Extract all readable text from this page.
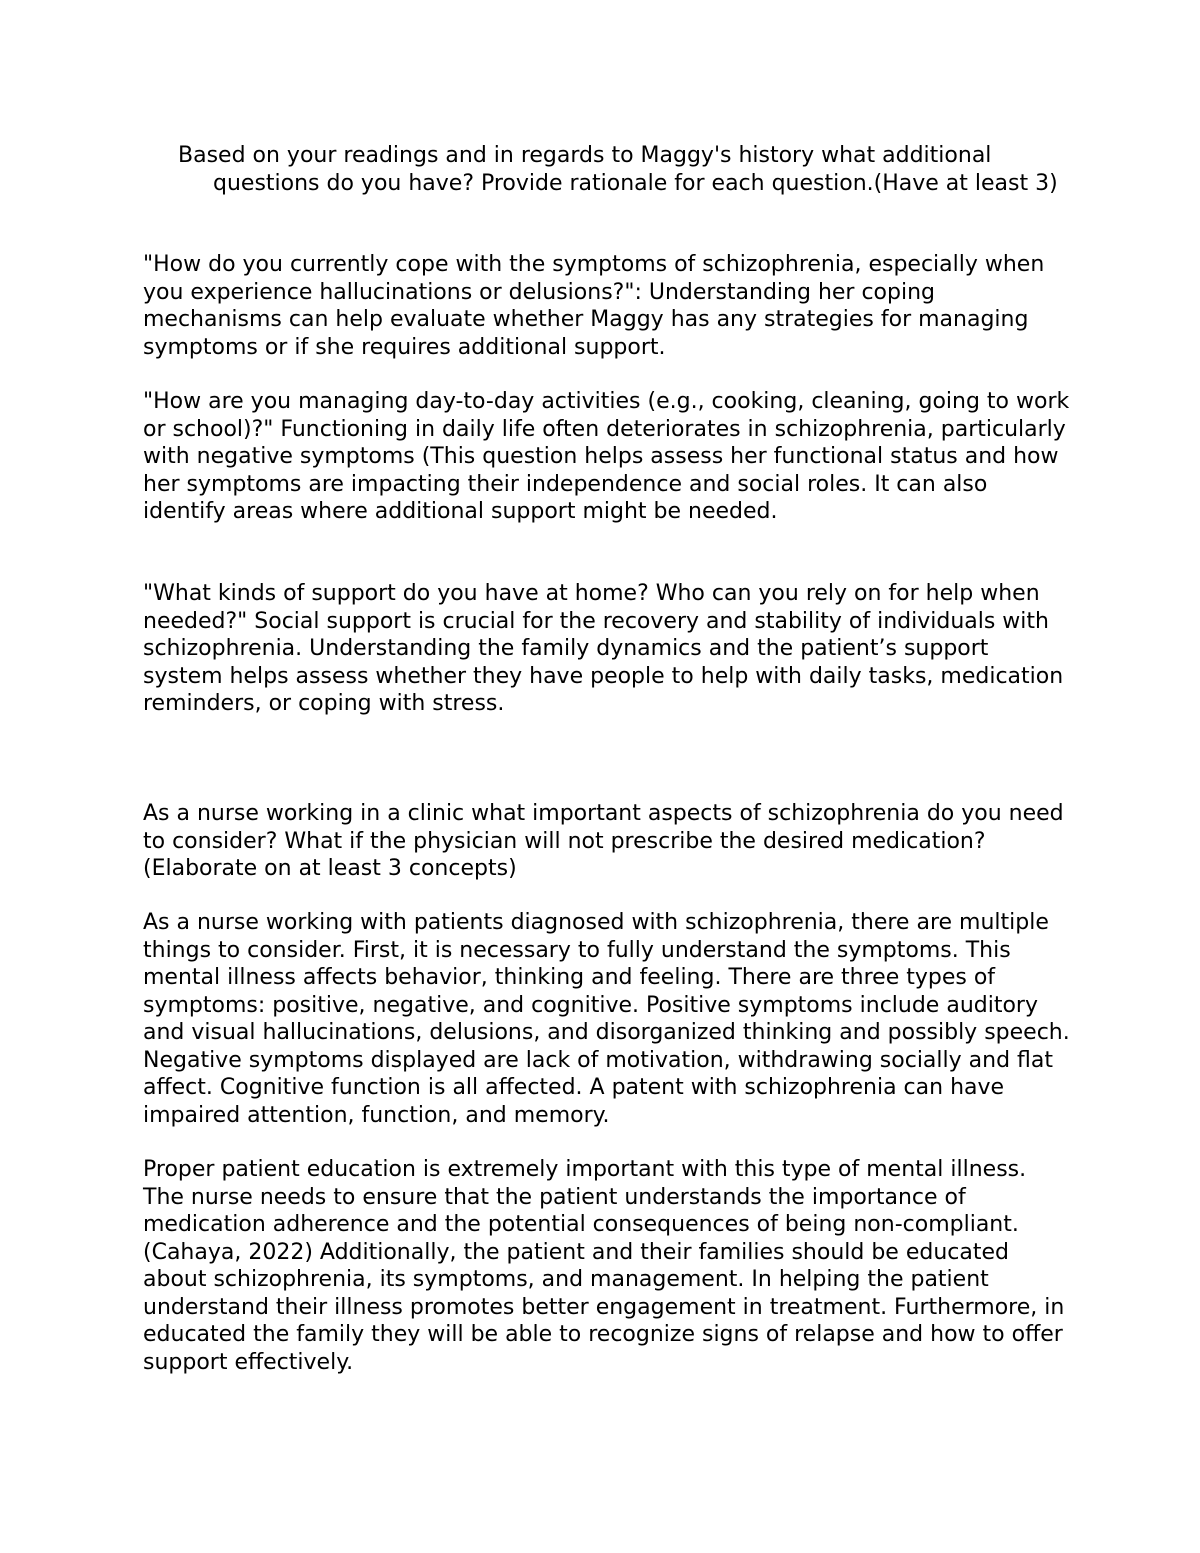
Based on your readings and in regards to Maggy's history what additional questions do you have? Provide rationale for each question.(Have at least 3)

"How do you currently cope with the symptoms of schizophrenia, especially when you experience hallucinations or delusions?": Understanding her coping mechanisms can help evaluate whether Maggy has any strategies for managing symptoms or if she requires additional support.

"How are you managing day-to-day activities (e.g., cooking, cleaning, going to work or school)?" Functioning in daily life often deteriorates in schizophrenia, particularly with negative symptoms (This question helps assess her functional status and how her symptoms are impacting their independence and social roles. It can also identify areas where additional support might be needed.

"What kinds of support do you have at home? Who can you rely on for help when needed?" Social support is crucial for the recovery and stability of individuals with schizophrenia. Understanding the family dynamics and the patient’s support system helps assess whether they have people to help with daily tasks, medication reminders, or coping with stress.

As a nurse working in a clinic what important aspects of schizophrenia do you need to consider? What if the physician will not prescribe the desired medication? (Elaborate on at least 3 concepts)

As a nurse working with patients diagnosed with schizophrenia, there are multiple things to consider. First, it is necessary to fully understand the symptoms. This mental illness affects behavior, thinking and feeling. There are three types of symptoms: positive, negative, and cognitive. Positive symptoms include auditory and visual hallucinations, delusions, and disorganized thinking and possibly speech. Negative symptoms displayed are lack of motivation, withdrawing socially and flat affect. Cognitive function is all affected. A patent with schizophrenia can have impaired attention, function, and memory.

Proper patient education is extremely important with this type of mental illness. The nurse needs to ensure that the patient understands the importance of medication adherence and the potential consequences of being non-compliant. (Cahaya, 2022) Additionally, the patient and their families should be educated about schizophrenia, its symptoms, and management. In helping the patient understand their illness promotes better engagement in treatment. Furthermore, in educated the family they will be able to recognize signs of relapse and how to offer support effectively.
